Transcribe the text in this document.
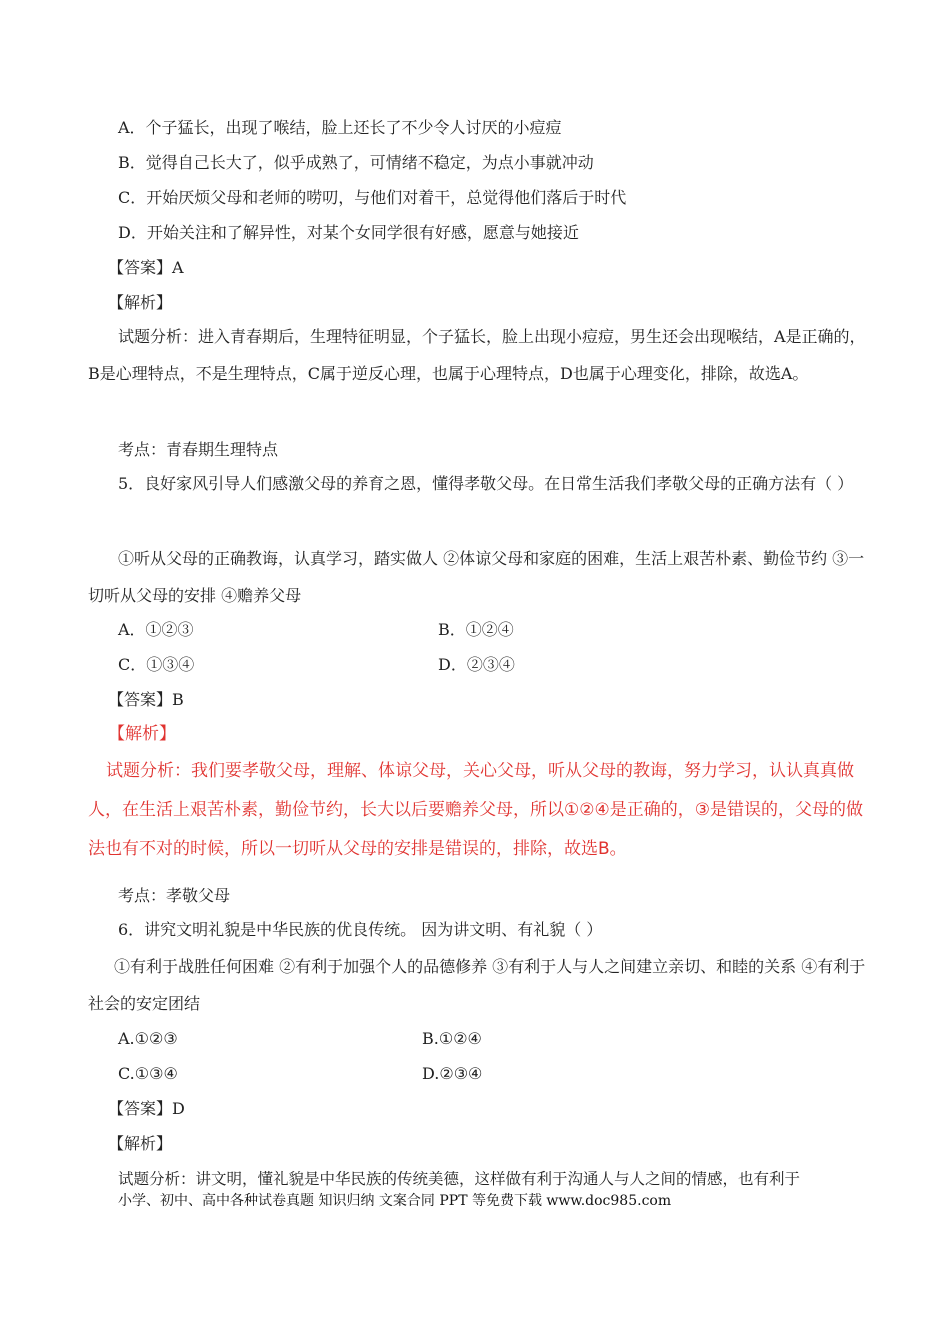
A．个子猛长，出现了喉结，脸上还长了不少令人讨厌的小痘痘
B．觉得自己长大了，似乎成熟了，可情绪不稳定，为点小事就冲动
C．开始厌烦父母和老师的唠叨，与他们对着干，总觉得他们落后于时代
D．开始关注和了解异性，对某个女同学很有好感，愿意与她接近
【答案】A
【解析】
试题分析：进入青春期后，生理特征明显，个子猛长，脸上出现小痘痘，男生还会出现喉结，A是正确的，B是心理特点，不是生理特点，C属于逆反心理，也属于心理特点，D也属于心理变化，排除，故选A。
考点：青春期生理特点
5．良好家风引导人们感激父母的养育之恩，懂得孝敬父母。在日常生活我们孝敬父母的正确方法有（ ）
①听从父母的正确教诲，认真学习，踏实做人 ②体谅父母和家庭的困难，生活上艰苦朴素、勤俭节约 ③一切听从父母的安排 ④赡养父母
A．①②③	B．①②④
C．①③④	D．②③④
【答案】B
【解析】
试题分析：我们要孝敬父母，理解、体谅父母，关心父母，听从父母的教诲，努力学习，认认真真做人，在生活上艰苦朴素，勤俭节约，长大以后要赡养父母，所以①②④是正确的，③是错误的，父母的做法也有不对的时候，所以一切听从父母的安排是错误的，排除，故选B。
考点：孝敬父母
6．讲究文明礼貌是中华民族的优良传统。 因为讲文明、有礼貌（ ）
①有利于战胜任何困难 ②有利于加强个人的品德修养 ③有利于人与人之间建立亲切、和睦的关系 ④有利于社会的安定团结
A.①②③	B.①②④
C.①③④	D.②③④
【答案】D
【解析】
试题分析：讲文明，懂礼貌是中华民族的传统美德，这样做有利于沟通人与人之间的情感，也有利于
小学、初中、高中各种试卷真题 知识归纳 文案合同 PPT 等免费下载 www.doc985.com
